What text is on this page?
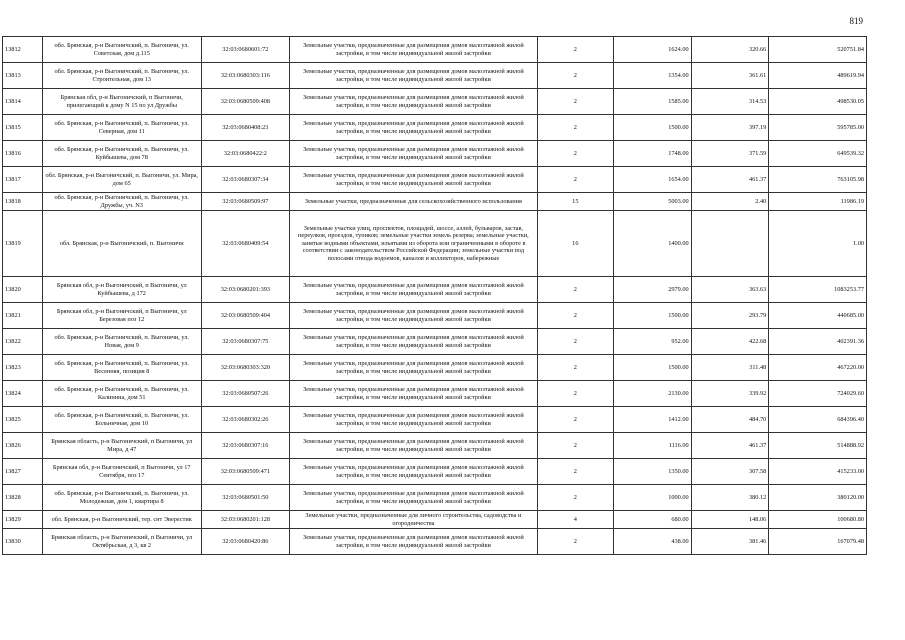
819
13812	обл. Брянская, р-н Выгоничский, п. Выгоничи, ул. Советская, дом д.115	32:03:0680601:72	Земельные участки, предназначенные для размещения домов малоэтажной жилой застройки, в том числе индивидуальной жилой застройки	2	1624.00	320.66	520751.84
13813	обл. Брянская, р-н Выгоничский, п. Выгоничи, ул. Строительная, дом 13	32:03:0680303:116	Земельные участки, предназначенные для размещения домов малоэтажной жилой застройки, в том числе индивидуальной жилой застройки	2	1354.00	361.61	489619.94
13814	Брянская обл, р-н Выгоничский, п Выгоничи, прилегающий к дому N 15 по ул Дружбы	32:03:0680509:408	Земельные участки, предназначенные для размещения домов малоэтажной жилой застройки, в том числе индивидуальной жилой застройки	2	1585.00	314.53	498530.05
13815	обл. Брянская, р-н Выгоничский, п. Выгоничи, ул. Северная, дом 11	32:03:0680408:23	Земельные участки, предназначенные для размещения домов малоэтажной жилой застройки, в том числе индивидуальной жилой застройки	2	1500.00	397.19	595785.00
13816	обл. Брянская, р-н Выгоничский, п. Выгоничи, ул. Куйбышева, дом 78	32:03:0680422:2	Земельные участки, предназначенные для размещения домов малоэтажной жилой застройки, в том числе индивидуальной жилой застройки	2	1748.00	371.59	649539.32
13817	обл. Брянская, р-н Выгоничский, п. Выгоничи, ул. Мира, дом 65	32:03:0680307:34	Земельные участки, предназначенные для размещения домов малоэтажной жилой застройки, в том числе индивидуальной жилой застройки	2	1654.00	461.37	763105.98
13818	обл. Брянская, р-н Выгоничский, п. Выгоничи, ул. Дружбы, уч. N3	32:03:0680509:97	Земельные участки, предназначенные для сельскохозяйственного использования	15	5003.00	2.40	11986.19
13819	обл. Брянская, р-н Выгоничский, п. Выгоничи	32:03:0680409:54	Земельные участки улиц, проспектов, площадей, шоссе, аллей, бульваров, застав, переулков, проездов, тупиков; земельные участки земель резерва; земельные участки, занятые водными объектами, изъятыми из оборота или ограниченными в обороте в соответствии с законодательством Российской Федерации; земельные участки под полосами отвода водоемов, каналов и коллекторов, набережные	16	1400.00		1.00
13820	Брянская обл, р-н Выгоничский, п Выгоничи, ул Куйбышева, д 172	32:03:0680201:393	Земельные участки, предназначенные для размещения домов малоэтажной жилой застройки, в том числе индивидуальной жилой застройки	2	2979.00	363.63	1083253.77
13821	Брянская обл, р-н Выгоничский, п Выгоничи, ул Березовая поз 12	32:03:0680509:404	Земельные участки, предназначенные для размещения домов малоэтажной жилой застройки, в том числе индивидуальной жилой застройки	2	1500.00	293.79	440685.00
13822	обл. Брянская, р-н Выгоничский, п. Выгоничи, ул. Новая, дом 9	32:03:0680307:75	Земельные участки, предназначенные для размещения домов малоэтажной жилой застройки, в том числе индивидуальной жилой застройки	2	952.00	422.68	402391.36
13823	обл. Брянская, р-н Выгоничский, п. Выгоничи, ул. Весенняя, позиция 8	32:03:0680303:320	Земельные участки, предназначенные для размещения домов малоэтажной жилой застройки, в том числе индивидуальной жилой застройки	2	1500.00	311.48	467220.00
13824	обл. Брянская, р-н Выгоничский, п. Выгоничи, ул. Калинина, дом 51	32:03:0680507:26	Земельные участки, предназначенные для размещения домов малоэтажной жилой застройки, в том числе индивидуальной жилой застройки	2	2130.00	339.92	724029.60
13825	обл. Брянская, р-н Выгоничский, п. Выгоничи, ул. Больничная, дом 10	32:03:0680302:26	Земельные участки, предназначенные для размещения домов малоэтажной жилой застройки, в том числе индивидуальной жилой застройки	2	1412.00	484.70	684396.40
13826	Брянская область, р-н Выгоничский, п Выгоничи, ул Мира, д 47	32:03:0680307:16	Земельные участки, предназначенные для размещения домов малоэтажной жилой застройки, в том числе индивидуальной жилой застройки	2	1116.00	461.37	514888.92
13827	Брянская обл, р-н Выгоничский, п Выгоничи, ул 17 Сентября, поз 17	32:03:0680509:471	Земельные участки, предназначенные для размещения домов малоэтажной жилой застройки, в том числе индивидуальной жилой застройки	2	1350.00	307.58	415233.00
13828	обл. Брянская, р-н Выгоничский, п. Выгоничи, ул. Молодежная, дом 1, квартира 8	32:03:0680501:50	Земельные участки, предназначенные для размещения домов малоэтажной жилой застройки, в том числе индивидуальной жилой застройки	2	1000.00	380.12	380120.00
13829	обл. Брянская, р-н Выгоничский, тер. снт Эверестик	32:03:0680201:128	Земельные участки, предназначенные для личного строительства, садоводства и огородничества	4	680.00	148.06	100680.80
13830	Брянская область, р-н Выгоничский, п Выгоничи, ул Октябрьская, д 3, кв 2	32:03:0680420:86	Земельные участки, предназначенные для размещения домов малоэтажной жилой застройки, в том числе индивидуальной жилой застройки	2	438.00	381.46	167079.48
